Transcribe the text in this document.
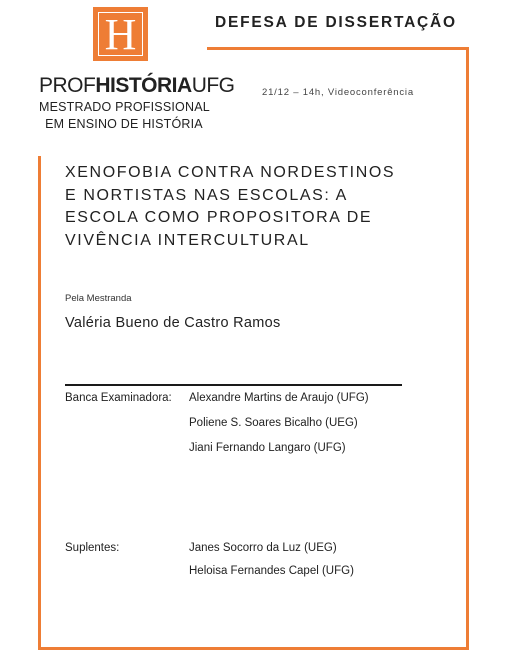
H
PROFHISTÓRIAUFG
MESTRADO PROFISSIONAL
EM ENSINO DE HISTÓRIA
DEFESA DE DISSERTAÇÃO
21/12 – 14h, Videoconferência
XENOFOBIA CONTRA NORDESTINOS
E NORTISTAS NAS ESCOLAS: A
ESCOLA COMO PROPOSITORA DE
VIVÊNCIA INTERCULTURAL
Pela Mestranda
Valéria Bueno de Castro Ramos
Banca Examinadora: Alexandre Martins de Araujo (UFG)
Poliene S. Soares Bicalho (UEG)
Jiani Fernando Langaro (UFG)
Suplentes:	Janes Socorro da Luz (UEG)
Heloisa Fernandes Capel (UFG)
